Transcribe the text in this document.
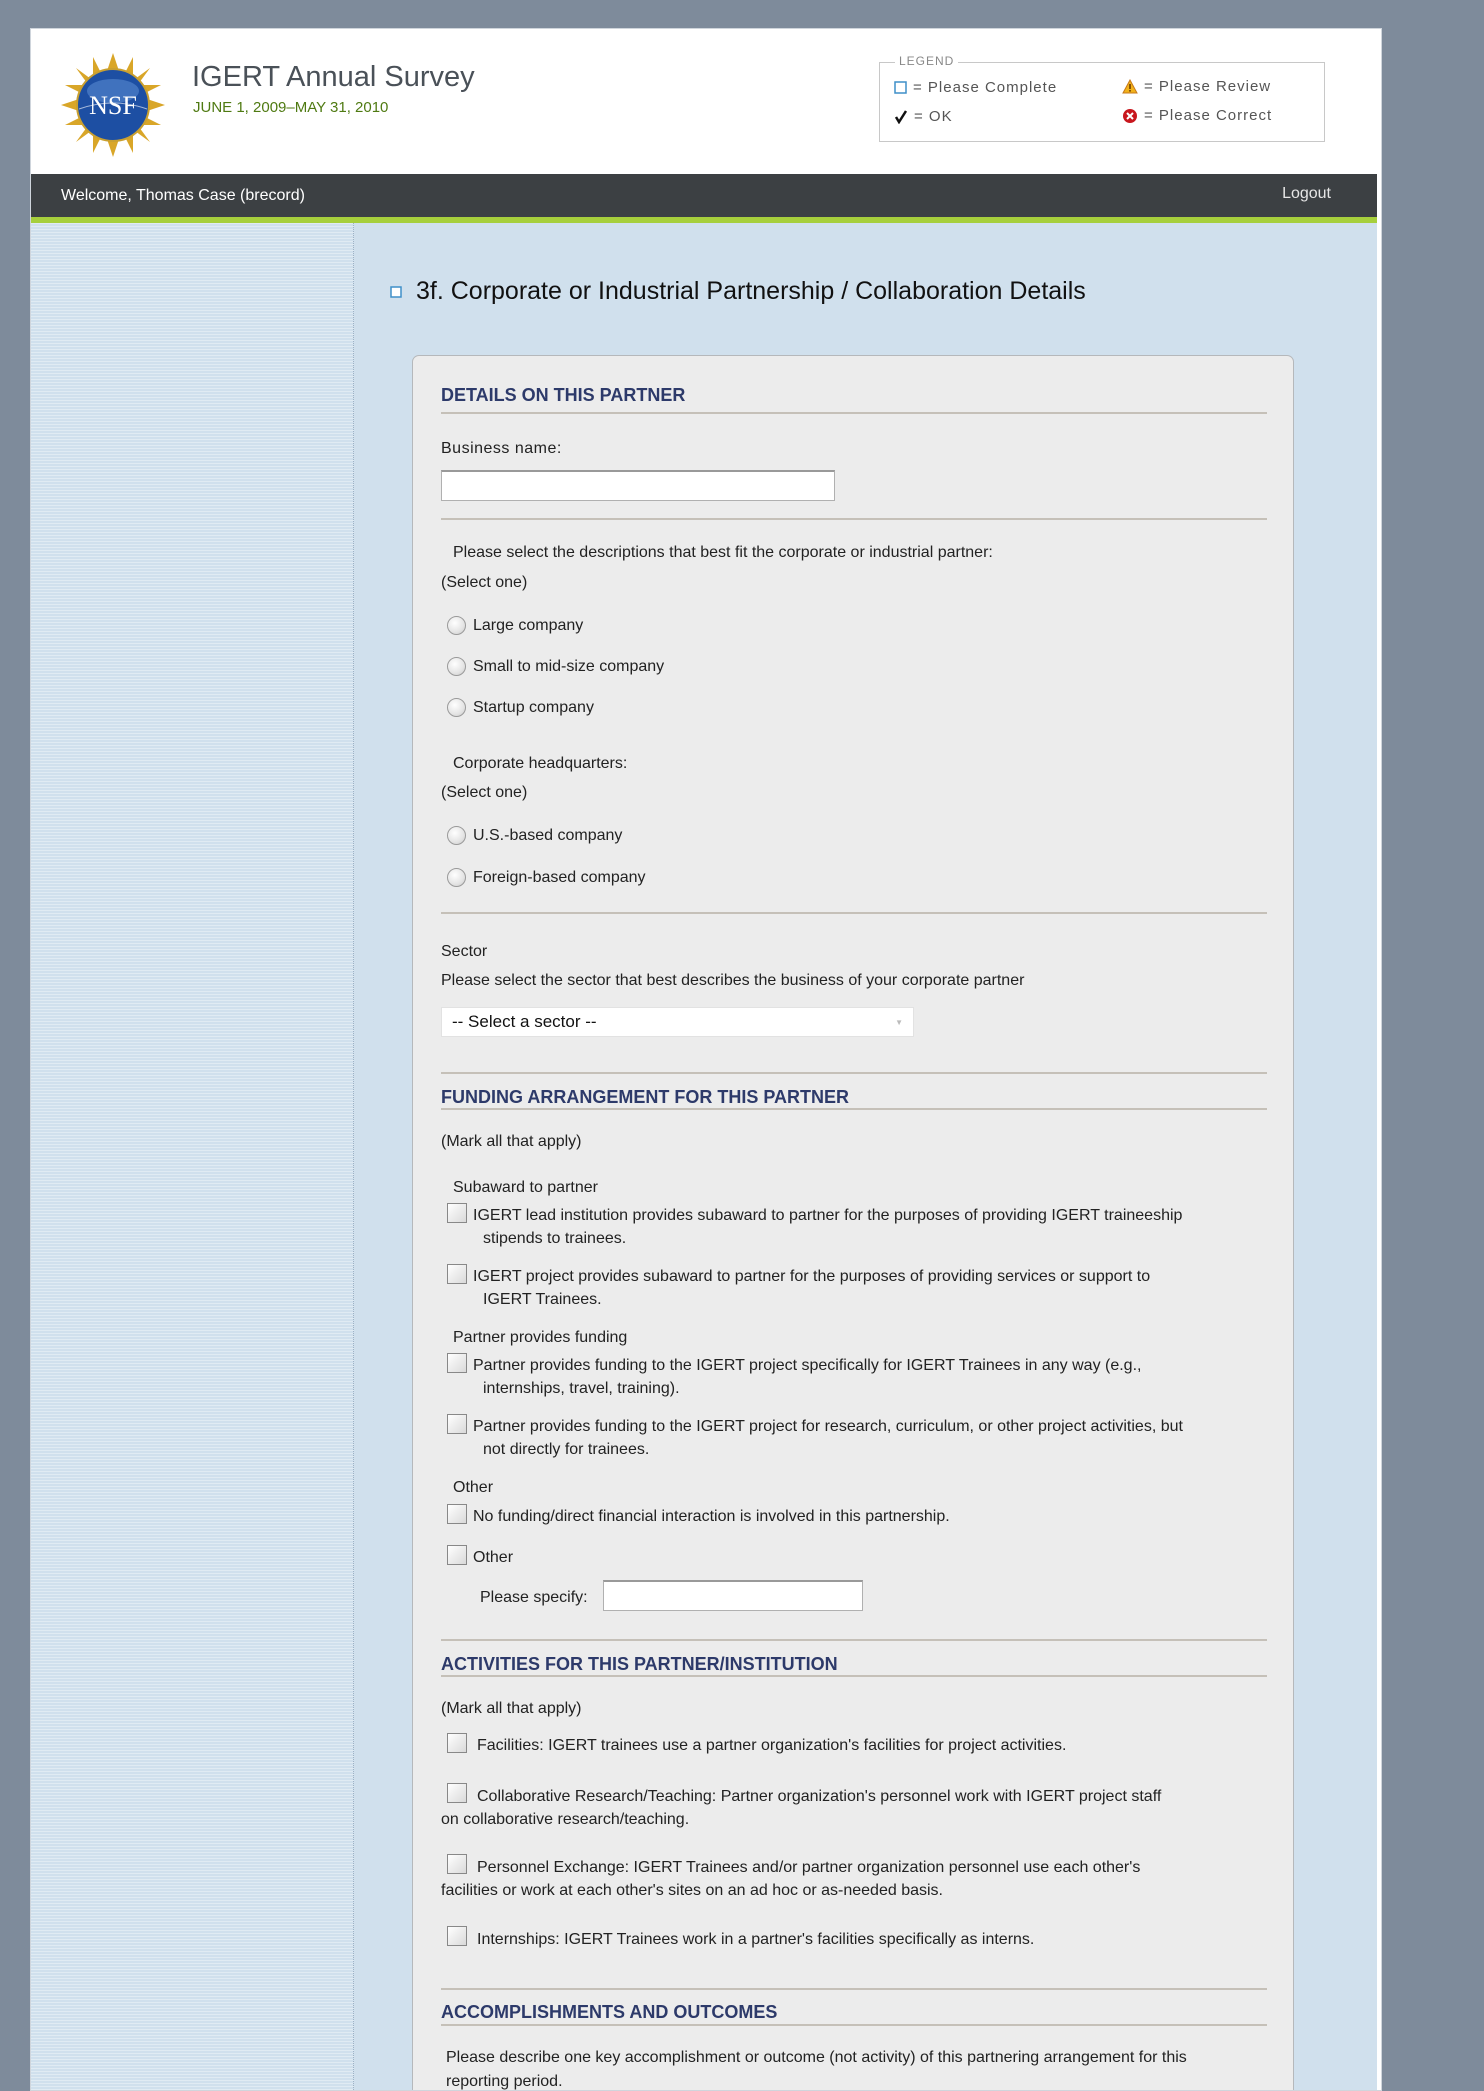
NSF
IGERT Annual Survey
JUNE 1, 2009–MAY 31, 2010
LEGEND
= Please Complete
= OK
= Please Review
= Please Correct
Welcome, Thomas Case (brecord)	Logout
3f. Corporate or Industrial Partnership / Collaboration Details
DETAILS ON THIS PARTNER
Business name:
Please select the descriptions that best fit the corporate or industrial partner:
(Select one)
Large company
Small to mid-size company
Startup company
Corporate headquarters:
(Select one)
U.S.-based company
Foreign-based company
Sector
Please select the sector that best describes the business of your corporate partner
-- Select a sector --	▼
FUNDING ARRANGEMENT FOR THIS PARTNER
(Mark all that apply)
Subaward to partner
IGERT lead institution provides subaward to partner for the purposes of providing IGERT traineeship
stipends to trainees.
IGERT project provides subaward to partner for the purposes of providing services or support to
IGERT Trainees.
Partner provides funding
Partner provides funding to the IGERT project specifically for IGERT Trainees in any way (e.g.,
internships, travel, training).
Partner provides funding to the IGERT project for research, curriculum, or other project activities, but
not directly for trainees.
Other
No funding/direct financial interaction is involved in this partnership.
Other
Please specify:
ACTIVITIES FOR THIS PARTNER/INSTITUTION
(Mark all that apply)
Facilities: IGERT trainees use a partner organization's facilities for project activities.
Collaborative Research/Teaching: Partner organization's personnel work with IGERT project staff
on collaborative research/teaching.
Personnel Exchange: IGERT Trainees and/or partner organization personnel use each other's
facilities or work at each other's sites on an ad hoc or as-needed basis.
Internships: IGERT Trainees work in a partner's facilities specifically as interns.
ACCOMPLISHMENTS AND OUTCOMES
Please describe one key accomplishment or outcome (not activity) of this partnering arrangement for this
reporting period.
